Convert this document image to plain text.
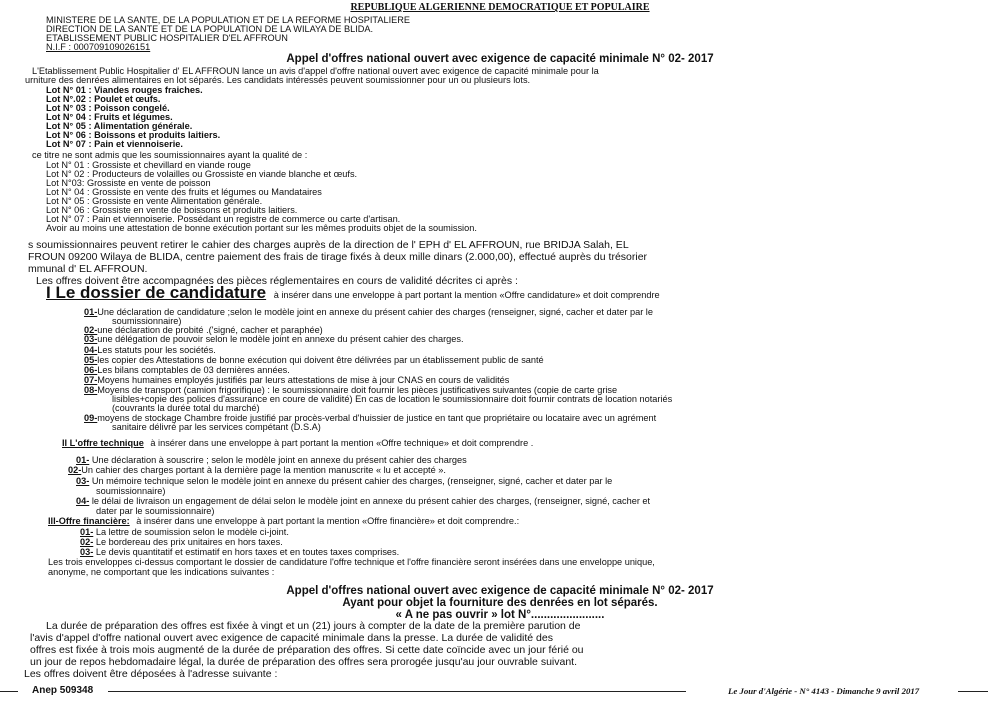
REPUBLIQUE ALGERIENNE DEMOCRATIQUE ET POPULAIRE
MINISTERE DE LA SANTE, DE LA POPULATION ET DE LA REFORME HOSPITALIERE
DIRECTION DE LA SANTE ET DE LA POPULATION DE LA WILAYA DE BLIDA.
ETABLISSEMENT PUBLIC HOSPITALIER D'EL AFFROUN
N.I.F : 000709109026151
Appel d'offres national ouvert avec exigence de capacité minimale N° 02- 2017
L'Etablissement Public Hospitalier d' EL AFFROUN lance un avis d'appel d'offre national ouvert avec exigence de capacité minimale pour la
urniture des denrées alimentaires en lot séparés. Les candidats intéressés peuvent soumissionner pour un ou plusieurs lots.
Lot N° 01 : Viandes rouges fraiches.
Lot N°.02 : Poulet et œufs.
Lot N° 03 : Poisson congelé.
Lot N° 04 : Fruits et légumes.
Lot N° 05 : Alimentation générale.
Lot N° 06 : Boissons et produits laitiers.
Lot N° 07 : Pain et viennoiserie.
ce titre ne sont admis que les soumissionnaires ayant la qualité de :
Lot N° 01 : Grossiste et chevillard en viande rouge
Lot N° 02 : Producteurs de volailles ou Grossiste en viande blanche et œufs.
Lot N°03: Grossiste en vente de poisson
Lot N° 04 : Grossiste en vente des fruits et légumes ou Mandataires
Lot N° 05 : Grossiste en vente Alimentation générale.
Lot N° 06 : Grossiste en vente de boissons et produits laitiers.
Lot N° 07 : Pain et viennoiserie. Possédant un registre de commerce ou carte d'artisan.
Avoir au moins une attestation de bonne exécution portant sur les mêmes produits objet de la soumission.
s soumissionnaires peuvent retirer le cahier des charges auprès de la direction de l' EPH d' EL AFFROUN, rue BRIDJA Salah, EL
FROUN 09200 Wilaya de BLIDA, centre paiement des frais de tirage fixés à deux mille dinars (2.000,00), effectué auprès du trésorier
mmunal d' EL AFFROUN.
Les offres doivent être accompagnées des pièces réglementaires en cours de validité décrites ci après :
I Le dossier de candidature à insérer dans une enveloppe à part portant la mention «Offre candidature» et doit comprendre
01-Une déclaration de candidature ;selon le modèle joint en annexe du présent cahier des charges (renseigner, signé, cacher et dater par le
soumissionnaire)
02-une déclaration de probité .('signé, cacher et paraphée)
03-une délégation de pouvoir selon le modèle joint en annexe du présent cahier des charges.
04-Les statuts pour les sociétés.
05-les copier des Attestations de bonne exécution qui doivent être délivrées par un établissement public de santé
06-Les bilans comptables de 03 dernières années.
07-Moyens humaines employés justifiés par leurs attestations de mise à jour CNAS en cours de validités
08-Moyens de transport (camion frigorifique) : le soumissionnaire doit fournir les pièces justificatives suivantes (copie de carte grise
lisibles+copie des polices d'assurance en coure de validité) En cas de location le soumissionnaire doit fournir contrats de location notariés
(couvrants la durée total du marché)
09-moyens de stockage Chambre froide justifié par procès-verbal d'huissier de justice en tant que propriétaire ou locataire avec un agrément
sanitaire délivré par les services compétant (D.S.A)
II L'offre technique à insérer dans une enveloppe à part portant la mention «Offre technique» et doit comprendre .
01- Une déclaration à souscrire ; selon le modèle joint en annexe du présent cahier des charges
02-Un cahier des charges portant à la dernière page la mention manuscrite « lu et accepté ».
03- Un mémoire technique selon le modèle joint en annexe du présent cahier des charges, (renseigner, signé, cacher et dater par le
soumissionnaire)
04- le délai de livraison un engagement de délai selon le modèle joint en annexe du présent cahier des charges, (renseigner, signé, cacher et
dater par le soumissionnaire)
III-Offre financière: à insérer dans une enveloppe à part portant la mention «Offre financière» et doit comprendre.:
01- La lettre de soumission selon le modèle ci-joint.
02- Le bordereau des prix unitaires en hors taxes.
03- Le devis quantitatif et estimatif en hors taxes et en toutes taxes comprises.
Les trois enveloppes ci-dessus comportant le dossier de candidature l'offre technique et l'offre financière seront insérées dans une enveloppe unique,
anonyme, ne comportant que les indications suivantes :
Appel d'offres national ouvert avec exigence de capacité minimale N° 02- 2017
Ayant pour objet la fourniture des denrées en lot séparés.
« A ne pas ouvrir » lot N°.......................
La durée de préparation des offres est fixée à vingt et un (21) jours à compter de la date de la première parution de
l'avis d'appel d'offre national ouvert avec exigence de capacité minimale dans la presse. La durée de validité des
offres est fixée à trois mois augmenté de la durée de préparation des offres. Si cette date coïncide avec un jour férié ou
un jour de repos hebdomadaire légal, la durée de préparation des offres sera prorogée jusqu'au jour ouvrable suivant.
Les offres doivent être déposées à l'adresse suivante :
Anep 509348	Le Jour d'Algérie - N° 4143 - Dimanche 9 avril 2017
